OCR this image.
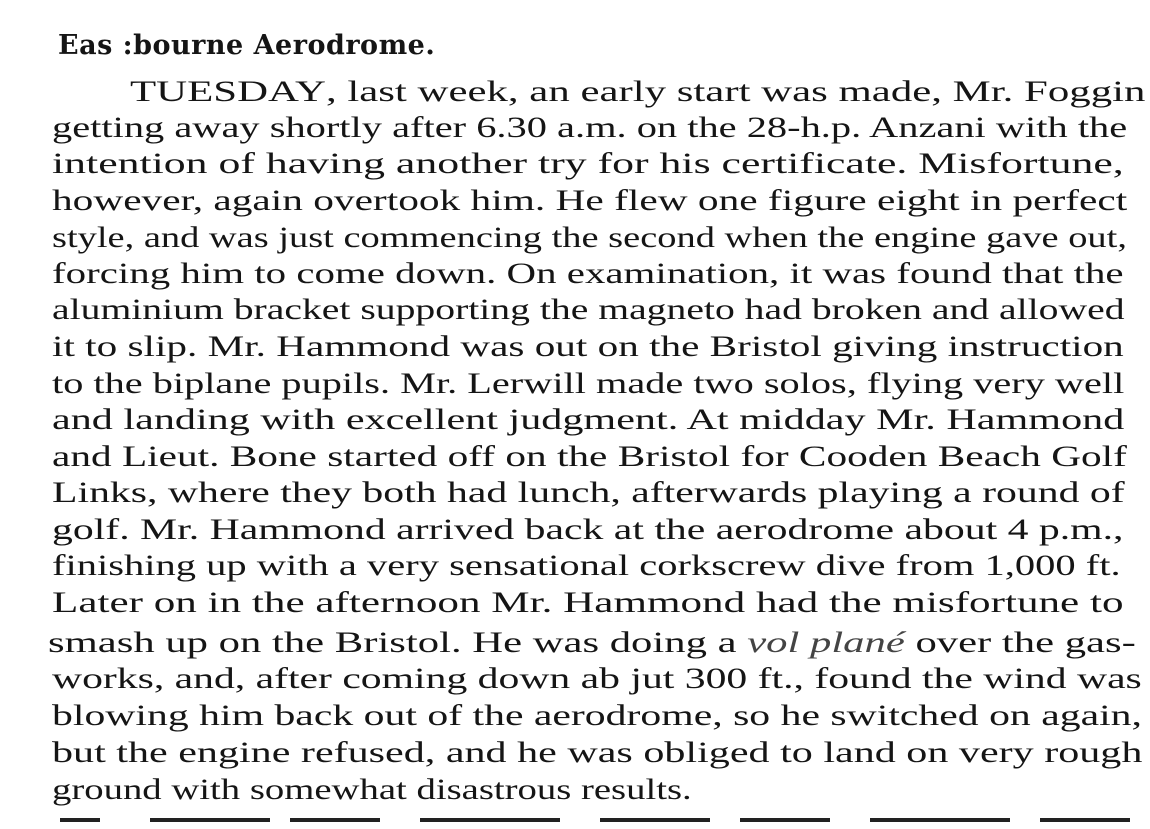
Eas :bourne Aerodrome.
TUESDAY, last week, an early start was made, Mr. Foggin
getting away shortly after 6.30 a.m. on the 28-h.p. Anzani with the
intention of having another try for his certificate. Misfortune,
however, again overtook him. He flew one figure eight in perfect
style, and was just commencing the second when the engine gave out,
forcing him to come down. On examination, it was found that the
aluminium bracket supporting the magneto had broken and allowed
it to slip. Mr. Hammond was out on the Bristol giving instruction
to the biplane pupils. Mr. Lerwill made two solos, flying very well
and landing with excellent judgment. At midday Mr. Hammond
and Lieut. Bone started off on the Bristol for Cooden Beach Golf
Links, where they both had lunch, afterwards playing a round of
golf. Mr. Hammond arrived back at the aerodrome about 4 p.m.,
finishing up with a very sensational corkscrew dive from 1,000 ft.
Later on in the afternoon Mr. Hammond had the misfortune to
smash up on the Bristol. He was doing a vol plané over the gas-
works, and, after coming down ab jut 300 ft., found the wind was
blowing him back out of the aerodrome, so he switched on again,
but the engine refused, and he was obliged to land on very rough
ground with somewhat disastrous results.
